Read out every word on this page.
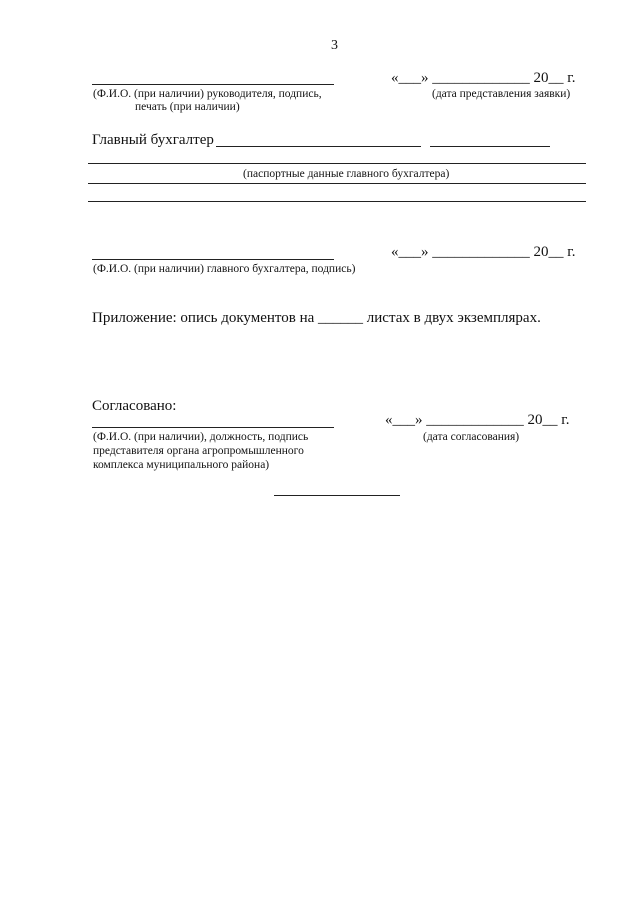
3
«___» _____________ 20__ г.
(Ф.И.О. (при наличии) руководителя, подпись,
печать (при наличии)
(дата представления заявки)
Главный бухгалтер
(паспортные данные главного бухгалтера)
«___» _____________ 20__ г.
(Ф.И.О. (при наличии) главного бухгалтера, подпись)
Приложение: опись документов на ______ листах в двух экземплярах.
Согласовано:
«___» _____________ 20__ г.
(Ф.И.О. (при наличии), должность, подпись
представителя органа агропромышленного
комплекса муниципального района)
(дата согласования)
